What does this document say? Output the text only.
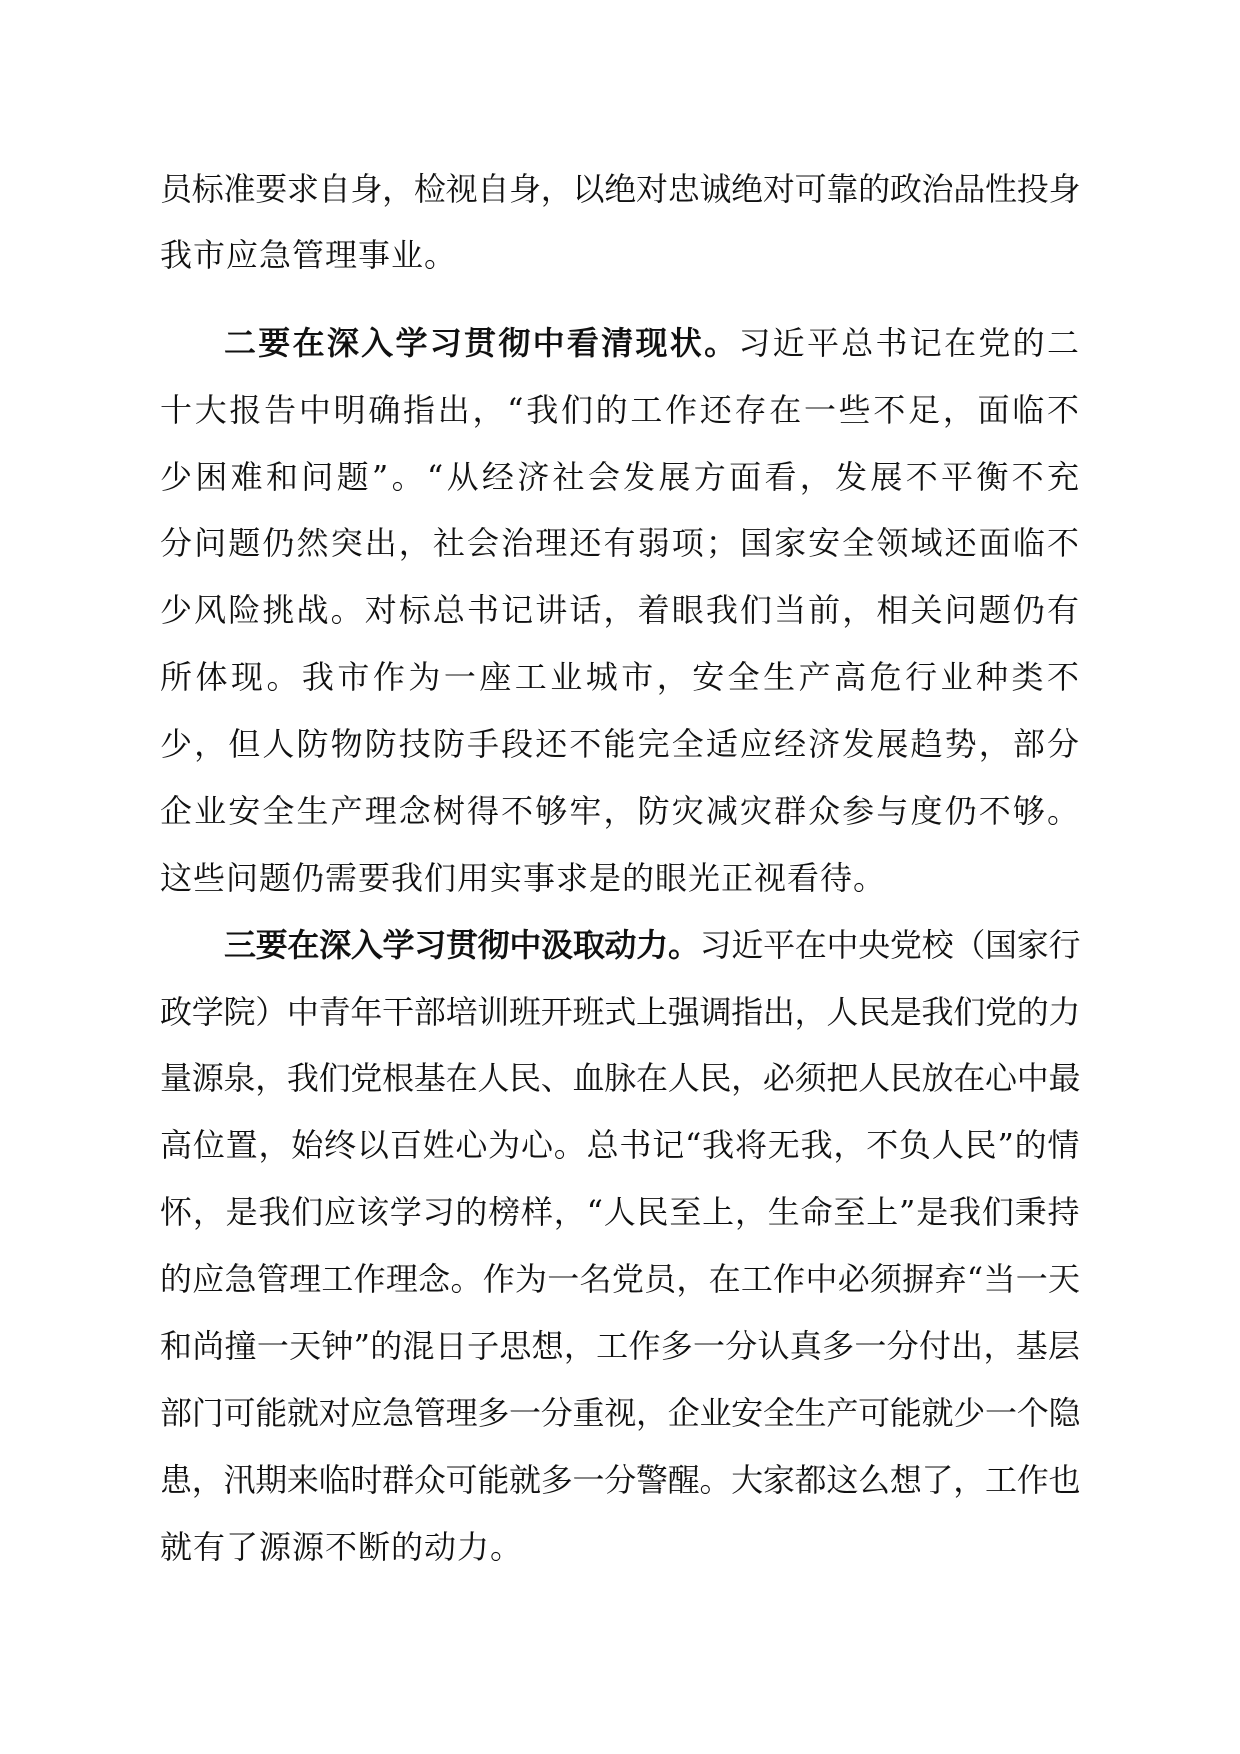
员标准要求自身，检视自身，以绝对忠诚绝对可靠的政治品性投身
我市应急管理事业。
二要在深入学习贯彻中看清现状。习近平总书记在党的二
十大报告中明确指出，“我们的工作还存在一些不足，面临不
少困难和问题”。“从经济社会发展方面看，发展不平衡不充
分问题仍然突出，社会治理还有弱项；国家安全领域还面临不
少风险挑战。对标总书记讲话，着眼我们当前，相关问题仍有
所体现。我市作为一座工业城市，安全生产高危行业种类不
少，但人防物防技防手段还不能完全适应经济发展趋势，部分
企业安全生产理念树得不够牢，防灾减灾群众参与度仍不够。
这些问题仍需要我们用实事求是的眼光正视看待。
三要在深入学习贯彻中汲取动力。习近平在中央党校（国家行
政学院）中青年干部培训班开班式上强调指出，人民是我们党的力
量源泉，我们党根基在人民、血脉在人民，必须把人民放在心中最
高位置，始终以百姓心为心。总书记“我将无我，不负人民”的情
怀，是我们应该学习的榜样，“人民至上，生命至上”是我们秉持
的应急管理工作理念。作为一名党员，在工作中必须摒弃“当一天
和尚撞一天钟”的混日子思想，工作多一分认真多一分付出，基层
部门可能就对应急管理多一分重视，企业安全生产可能就少一个隐
患，汛期来临时群众可能就多一分警醒。大家都这么想了，工作也
就有了源源不断的动力。
